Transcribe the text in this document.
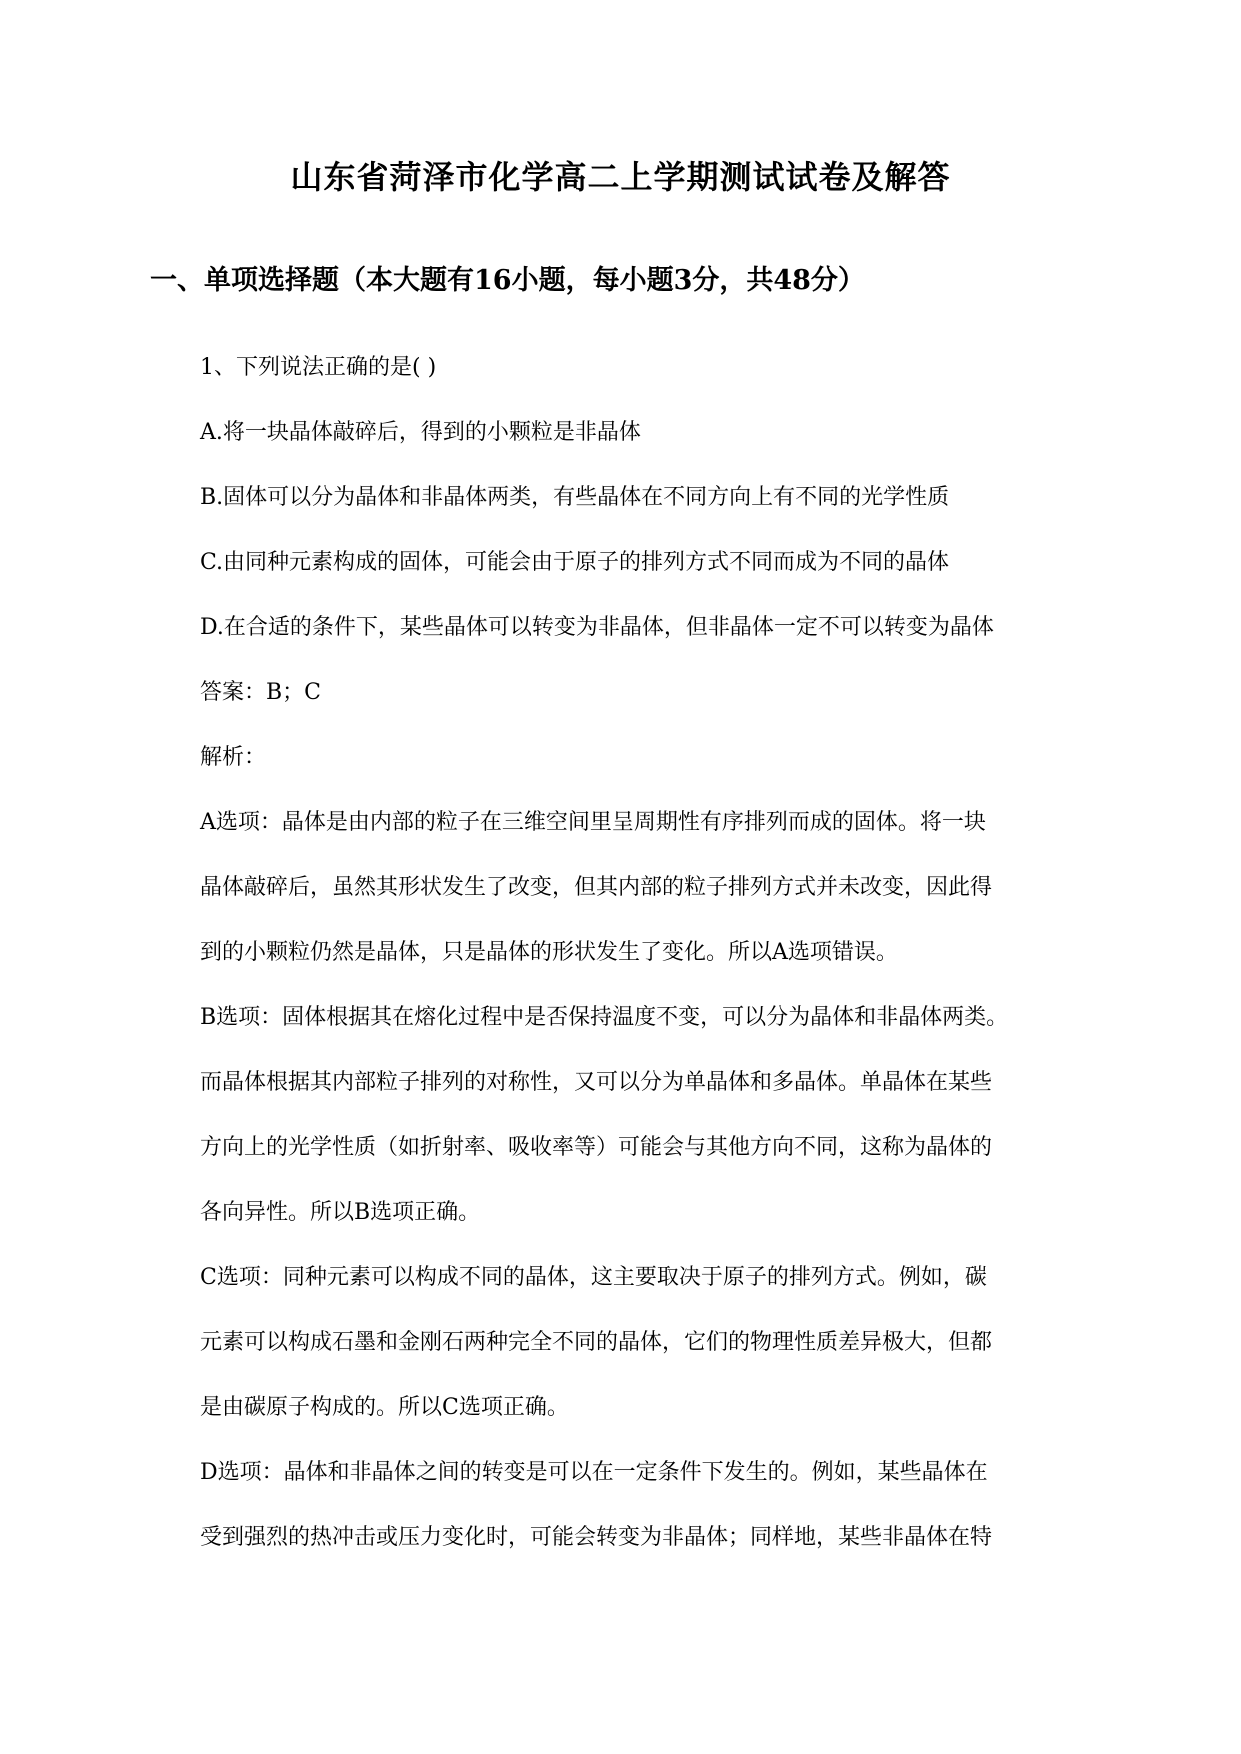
山东省菏泽市化学高二上学期测试试卷及解答
一、单项选择题（本大题有16小题，每小题3分，共48分）
1、下列说法正确的是( )
A.将一块晶体敲碎后，得到的小颗粒是非晶体
B.固体可以分为晶体和非晶体两类，有些晶体在不同方向上有不同的光学性质
C.由同种元素构成的固体，可能会由于原子的排列方式不同而成为不同的晶体
D.在合适的条件下，某些晶体可以转变为非晶体，但非晶体一定不可以转变为晶体
答案：B；C
解析：
A选项：晶体是由内部的粒子在三维空间里呈周期性有序排列而成的固体。将一块
晶体敲碎后，虽然其形状发生了改变，但其内部的粒子排列方式并未改变，因此得
到的小颗粒仍然是晶体，只是晶体的形状发生了变化。所以A选项错误。
B选项：固体根据其在熔化过程中是否保持温度不变，可以分为晶体和非晶体两类。
而晶体根据其内部粒子排列的对称性，又可以分为单晶体和多晶体。单晶体在某些
方向上的光学性质（如折射率、吸收率等）可能会与其他方向不同，这称为晶体的
各向异性。所以B选项正确。
C选项：同种元素可以构成不同的晶体，这主要取决于原子的排列方式。例如，碳
元素可以构成石墨和金刚石两种完全不同的晶体，它们的物理性质差异极大，但都
是由碳原子构成的。所以C选项正确。
D选项：晶体和非晶体之间的转变是可以在一定条件下发生的。例如，某些晶体在
受到强烈的热冲击或压力变化时，可能会转变为非晶体；同样地，某些非晶体在特
